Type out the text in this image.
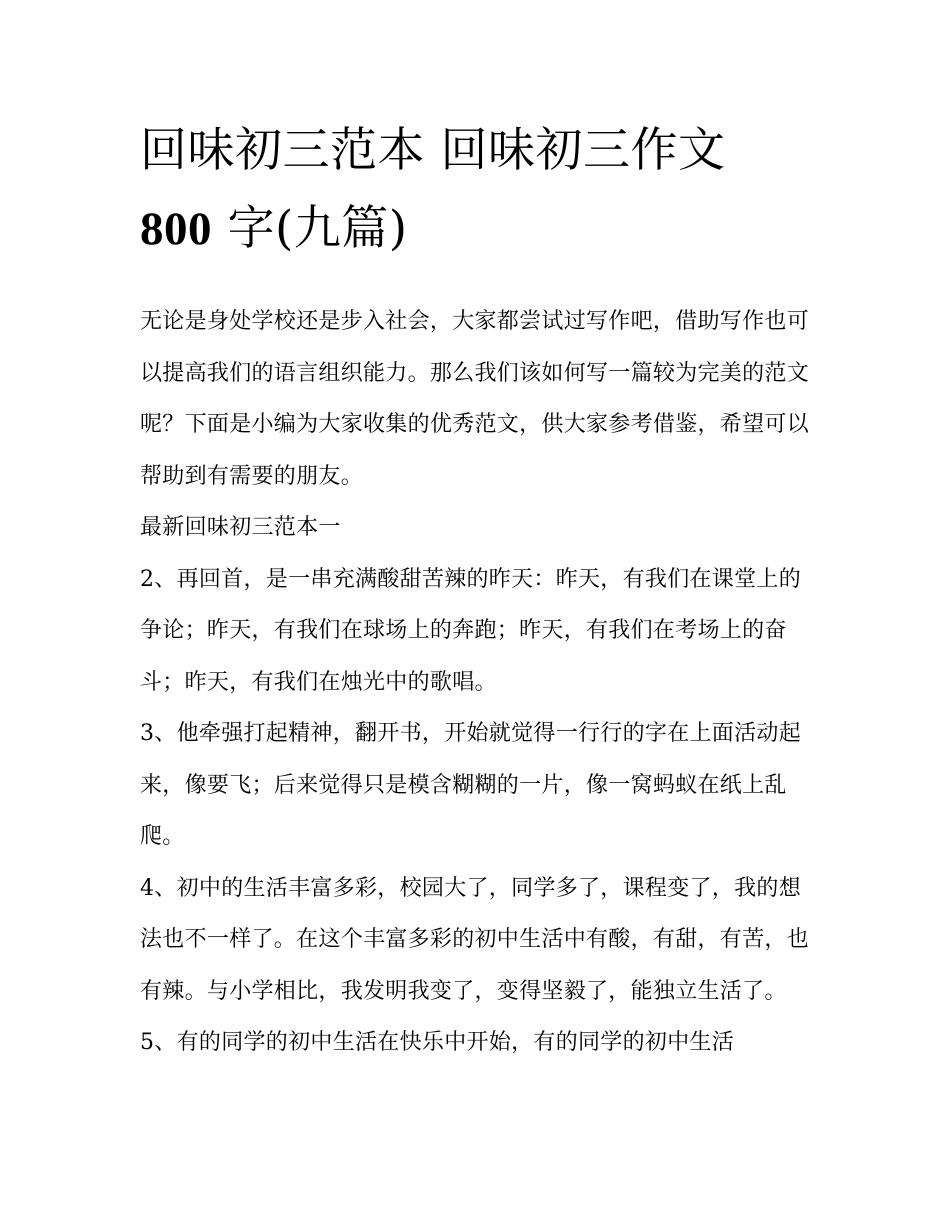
回味初三范本 回味初三作文
800 字(九篇)

无论是身处学校还是步入社会，大家都尝试过写作吧，借助写作也可以提高我们的语言组织能力。那么我们该如何写一篇较为完美的范文呢？下面是小编为大家收集的优秀范文，供大家参考借鉴，希望可以帮助到有需要的朋友。

最新回味初三范本一

2、再回首，是一串充满酸甜苦辣的昨天：昨天，有我们在课堂上的争论；昨天，有我们在球场上的奔跑；昨天，有我们在考场上的奋斗；昨天，有我们在烛光中的歌唱。

3、他牵强打起精神，翻开书，开始就觉得一行行的字在上面活动起来，像要飞；后来觉得只是模含糊糊的一片，像一窝蚂蚁在纸上乱爬。

4、初中的生活丰富多彩，校园大了，同学多了，课程变了，我的想法也不一样了。在这个丰富多彩的初中生活中有酸，有甜，有苦，也有辣。与小学相比，我发明我变了，变得坚毅了，能独立生活了。

5、有的同学的初中生活在快乐中开始，有的同学的初中生活
